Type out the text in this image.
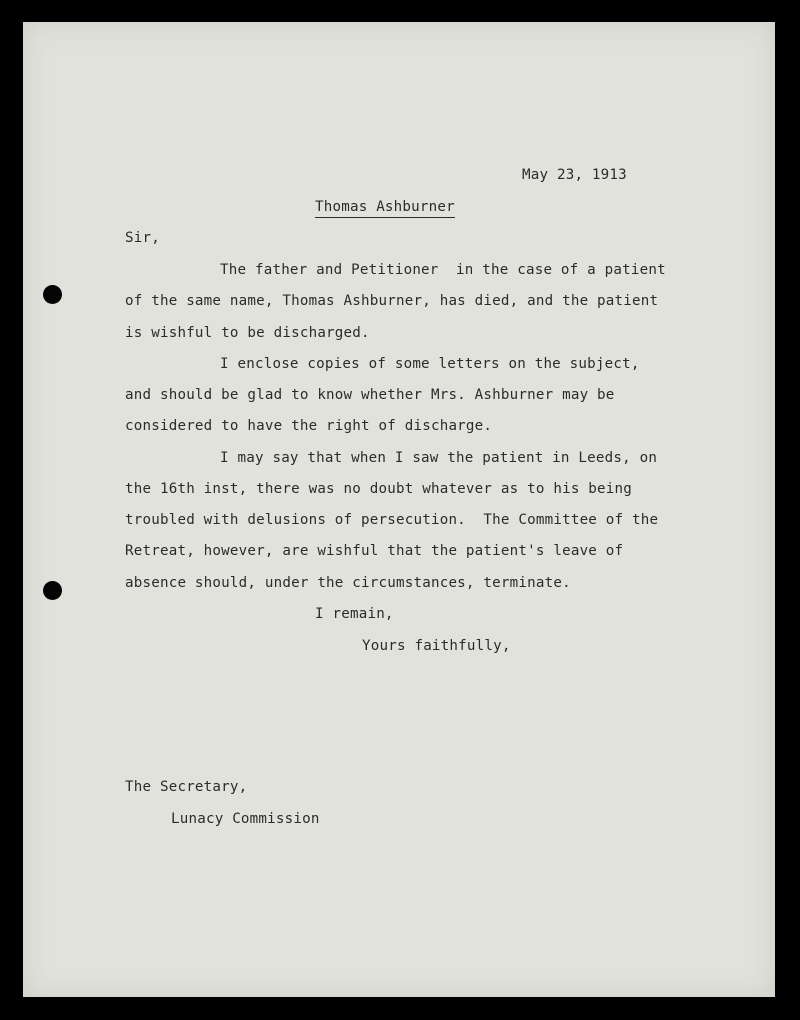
May 23, 1913
Thomas Ashburner
Sir,
The father and Petitioner  in the case of a patient
of the same name, Thomas Ashburner, has died, and the patient
is wishful to be discharged.
I enclose copies of some letters on the subject,
and should be glad to know whether Mrs. Ashburner may be
considered to have the right of discharge.
I may say that when I saw the patient in Leeds, on
the 16th inst, there was no doubt whatever as to his being
troubled with delusions of persecution.  The Committee of the
Retreat, however, are wishful that the patient's leave of
absence should, under the circumstances, terminate.
I remain,
Yours faithfully,
The Secretary,
Lunacy Commission
